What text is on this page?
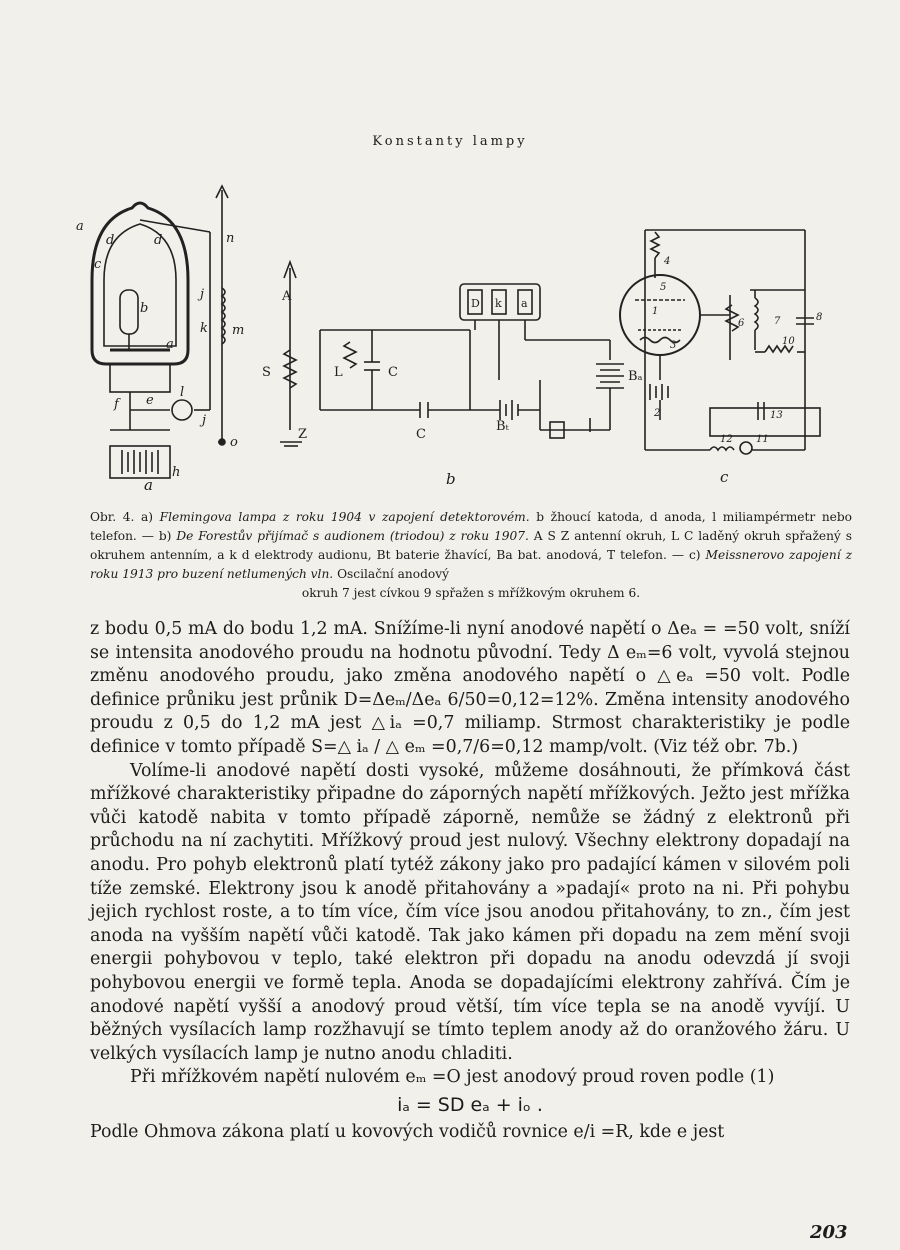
Konstanty lampy
a
d	d
c
b
a
n
j
k m
f e
l
j
o
h
A
S	L	C
Z	C
D k a
Bₐ
Bₜ
4
5
1
3
2
6	7	8
10
13
12 11
a	b	c
Obr. 4. a) Flemingova lampa z roku 1904 v zapojení detektorovém. b žhoucí katoda, d anoda, l miliampérmetr nebo telefon. — b) De Forestův přijímač s audionem (triodou) z roku 1907. A S Z antenní okruh, L C laděný okruh spřažený s okruhem antenním, a k d elektrody audionu, Bt baterie žhavící, Ba bat. anodová, T telefon. — c) Meissnerovo zapojení z roku 1913 pro buzení netlumených vln. Oscilační anodový
okruh 7 jest cívkou 9 spřažen s mřížkovým okruhem 6.

z bodu 0,5 mA do bodu 1,2 mA. Snížíme-li nyní anodové napětí o Δeₐ = =50 volt, sníží se intensita anodového proudu na hodnotu původní. Tedy Δ eₘ=6 volt, vyvolá stejnou změnu anodového proudu, jako změna anodového napětí o △eₐ =50 volt. Podle definice průniku jest průnik D=Δeₘ/Δeₐ 6/50=0,12=12%. Změna intensity anodového proudu z 0,5 do 1,2 mA jest △iₐ =0,7 miliamp. Strmost charakteristiky je podle definice v tomto případě S=△ iₐ / △ eₘ =0,7/6=0,12 mamp/volt. (Viz též obr. 7b.)

Volíme-li anodové napětí dosti vysoké, můžeme dosáhnouti, že přímková část mřížkové charakteristiky připadne do záporných napětí mřížkových. Ježto jest mřížka vůči katodě nabita v tomto případě záporně, nemůže se žádný z elektronů při průchodu na ní zachytiti. Mřížkový proud jest nulový. Všechny elektrony dopadají na anodu. Pro pohyb elektronů platí tytéž zákony jako pro padající kámen v silovém poli tíže zemské. Elektrony jsou k anodě přitahovány a »padají« proto na ni. Při pohybu jejich rychlost roste, a to tím více, čím více jsou anodou přitahovány, to zn., čím jest anoda na vyšším napětí vůči katodě. Tak jako kámen při dopadu na zem mění svoji energii pohybovou v teplo, také elektron při dopadu na anodu odevzdá jí svoji pohybovou energii ve formě tepla. Anoda se dopadajícími elektrony zahřívá. Čím je anodové napětí vyšší a anodový proud větší, tím více tepla se na anodě vyvíjí. U běžných vysílacích lamp rozžhavují se tímto teplem anody až do oranžového žáru. U velkých vysílacích lamp je nutno anodu chladiti.

Při mřížkovém napětí nulovém eₘ =O jest anodový proud roven podle (1)

iₐ = SD eₐ + iₒ .

Podle Ohmova zákona platí u kovových vodičů rovnice e/i =R, kde e jest

203
